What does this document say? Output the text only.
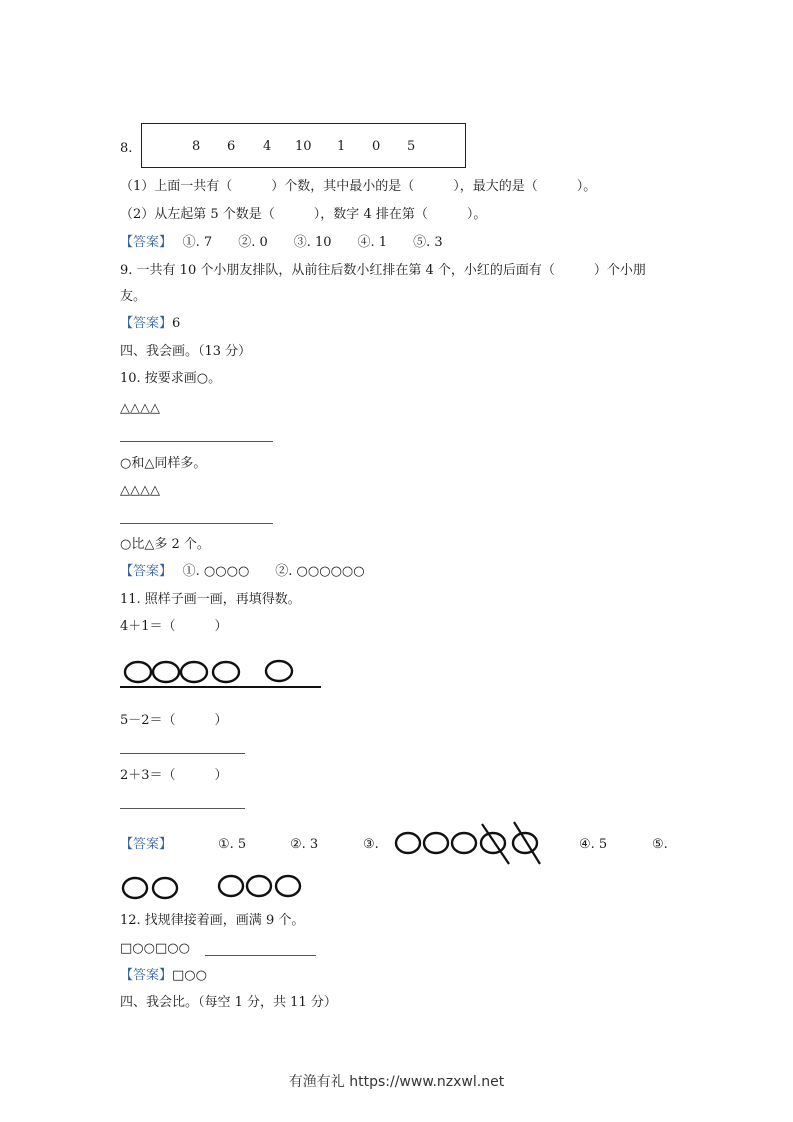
8.	8 6 4 10 1 0 5
（1）上面一共有（　　　）个数，其中最小的是（　　　），最大的是（　　　）。
（2）从左起第 5 个数是（　　　），数字 4 排在第（　　　）。
【答案】　 ①. 7　　②. 0　　③. 10　　④. 1　　⑤. 3
9. 一共有 10 个小朋友排队，从前往后数小红排在第 4 个，小红的后面有（　　　）个小朋
友。
【答案】6
四、我会画。（13 分）
10. 按要求画○。
△△△△
○和△同样多。
△△△△
○比△多 2 个。
【答案】　 ①. ○○○○　　②. ○○○○○○
11. 照样子画一画，再填得数。
4＋1＝（　　　）
5－2＝（　　　）
2＋3＝（　　　）
【答案】	①. 5	②. 3	③.	④. 5	⑤.
12. 找规律接着画，画满 9 个。
□○○□○○
【答案】□○○
四、我会比。（每空 1 分，共 11 分）
有渔有礼 https://www.nzxwl.net
